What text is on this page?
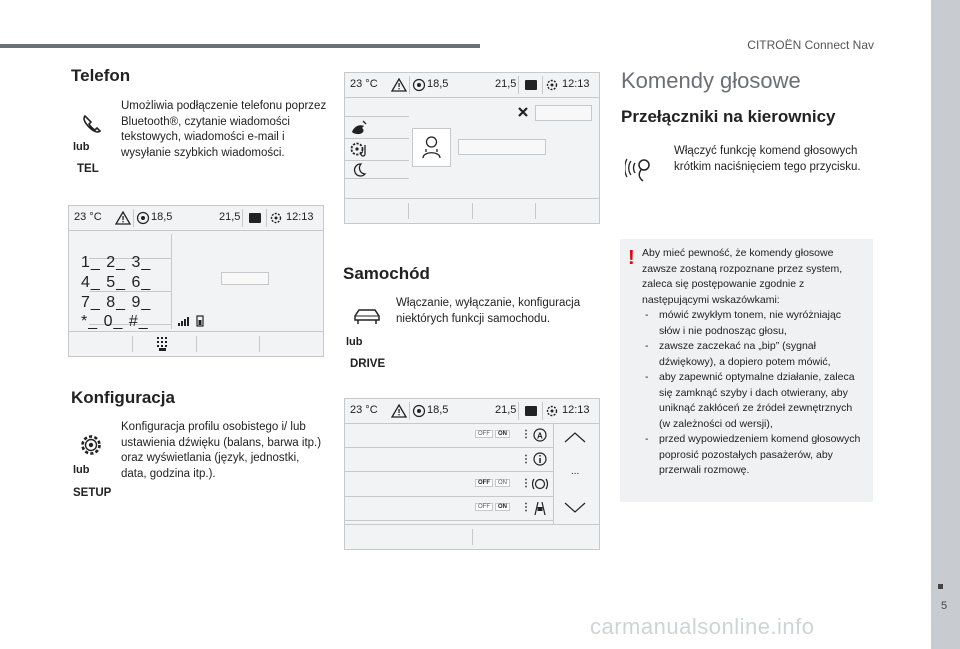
CITROËN Connect Nav
5
Telefon
lub
TEL
Umożliwia podłączenie telefonu poprzez Bluetooth®, czytanie wiadomości tekstowych, wiadomości e-mail i wysyłanie szybkich wiadomości.
23 °C	18,5	21,5	12:13
1_ 2_ 3_
4_ 5_ 6_
7_ 8_ 9_
*_ 0_ #_
Konfiguracja
lub
SETUP
Konfiguracja profilu osobistego i/ lub ustawienia dźwięku (balans, barwa itp.) oraz wyświetlania (język, jednostki, data, godzina itp.).
23 °C	18,5	21,5	12:13
Samochód
lub
DRIVE
Włączanie, wyłączanie, konfiguracja niektórych funkcji samochodu.
23 °C	18,5	21,5	12:13
OFF	ON	⋮ A
⋮
OFF	ON	⋮
OFF	ON	⋮
...
Komendy głosowe
Przełączniki na kierownicy
Włączyć funkcję komend głosowych krótkim naciśnięciem tego przycisku.
! Aby mieć pewność, że komendy głosowe zawsze zostaną rozpoznane przez system, zaleca się postępowanie zgodnie z następującymi wskazówkami:
- mówić zwykłym tonem, nie wyróżniając słów i nie podnosząc głosu,
- zawsze zaczekać na „bip” (sygnał dźwiękowy), a dopiero potem mówić,
- aby zapewnić optymalne działanie, zaleca się zamknąć szyby i dach otwierany, aby uniknąć zakłóceń ze źródeł zewnętrznych (w zależności od wersji),
- przed wypowiedzeniem komend głosowych poprosić pozostałych pasażerów, aby przerwali rozmowę.
carmanualsonline.info
